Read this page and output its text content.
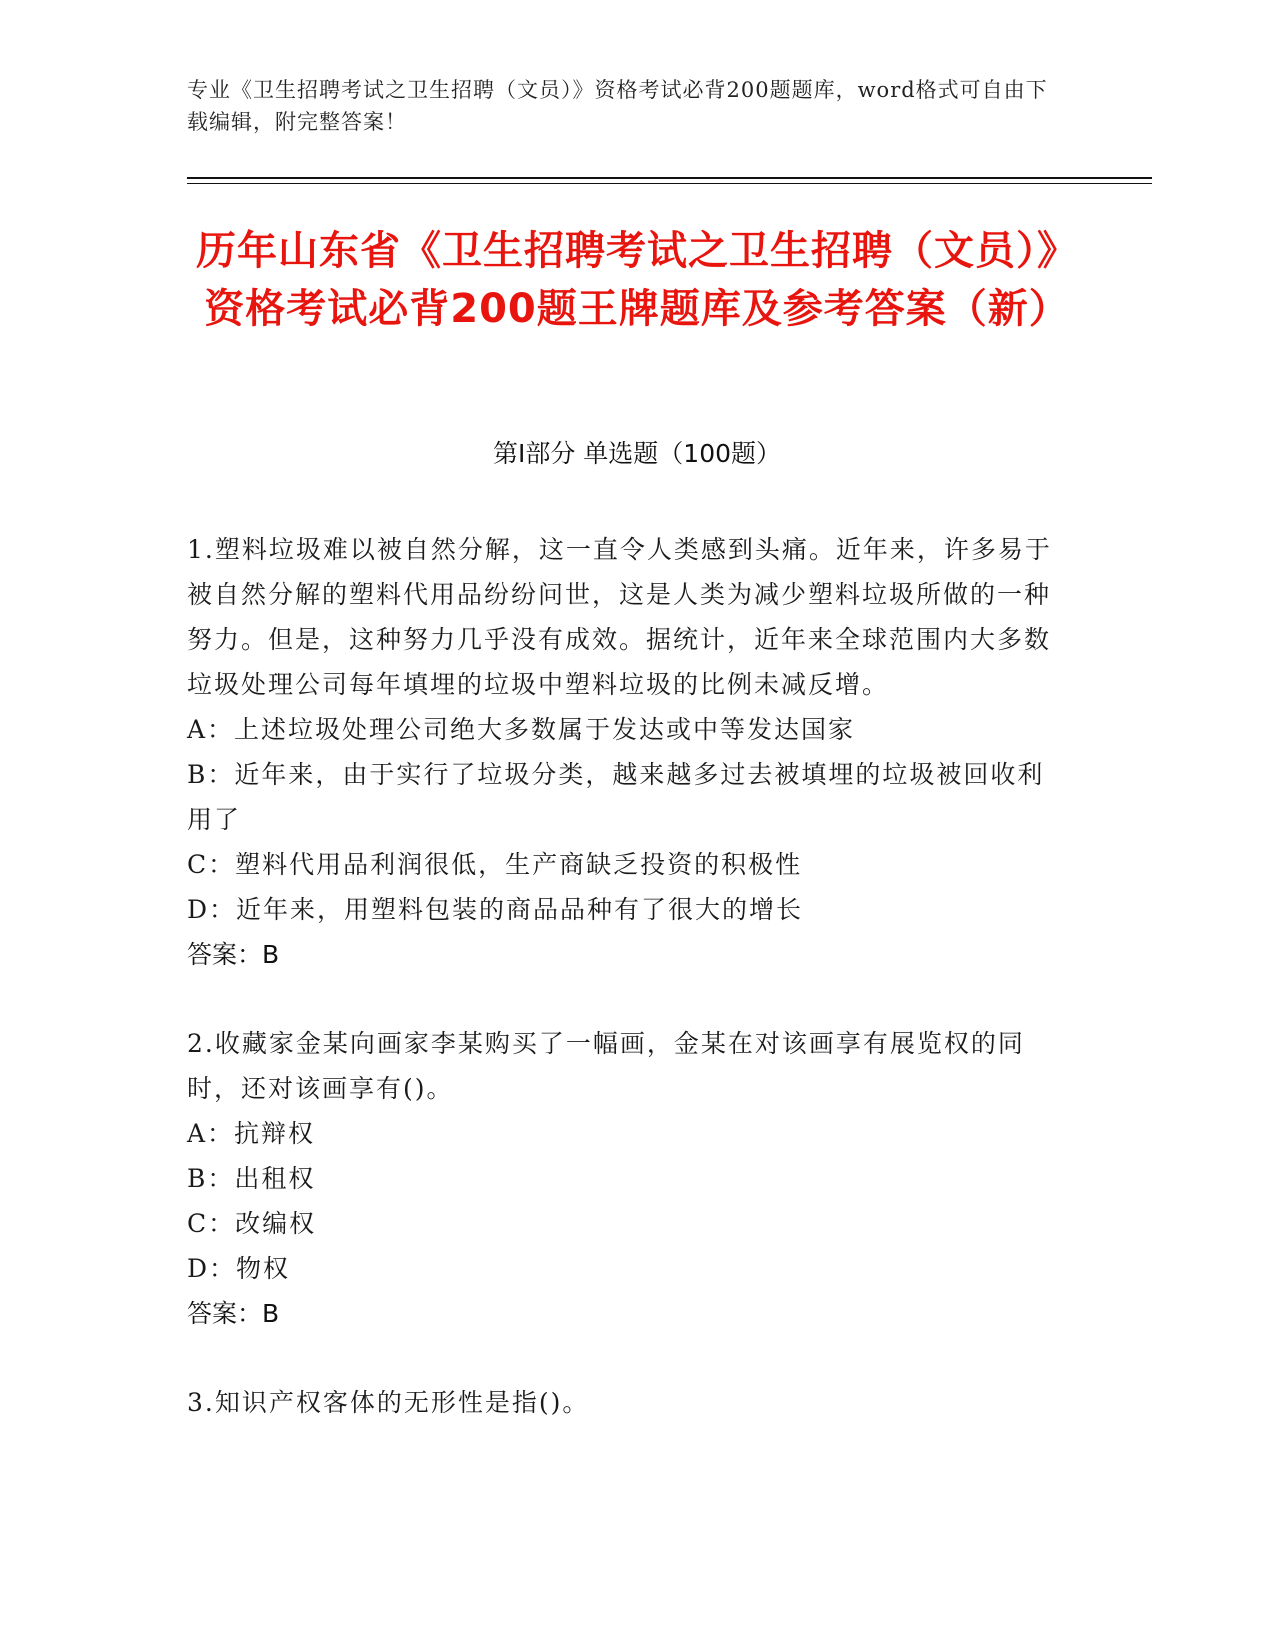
专业《卫生招聘考试之卫生招聘（文员）》资格考试必背200题题库，word格式可自由下载编辑，附完整答案！
历年山东省《卫生招聘考试之卫生招聘（文员）》资格考试必背200题王牌题库及参考答案（新）
第I部分 单选题（100题）
1.塑料垃圾难以被自然分解，这一直令人类感到头痛。近年来，许多易于被自然分解的塑料代用品纷纷问世，这是人类为减少塑料垃圾所做的一种努力。但是，这种努力几乎没有成效。据统计，近年来全球范围内大多数垃圾处理公司每年填埋的垃圾中塑料垃圾的比例未减反增。
A：上述垃圾处理公司绝大多数属于发达或中等发达国家
B：近年来，由于实行了垃圾分类，越来越多过去被填埋的垃圾被回收利用了
C：塑料代用品利润很低，生产商缺乏投资的积极性
D：近年来，用塑料包装的商品品种有了很大的增长
答案：B
2.收藏家金某向画家李某购买了一幅画，金某在对该画享有展览权的同时，还对该画享有()。
A：抗辩权
B：出租权
C：改编权
D：物权
答案：B
3.知识产权客体的无形性是指()。
